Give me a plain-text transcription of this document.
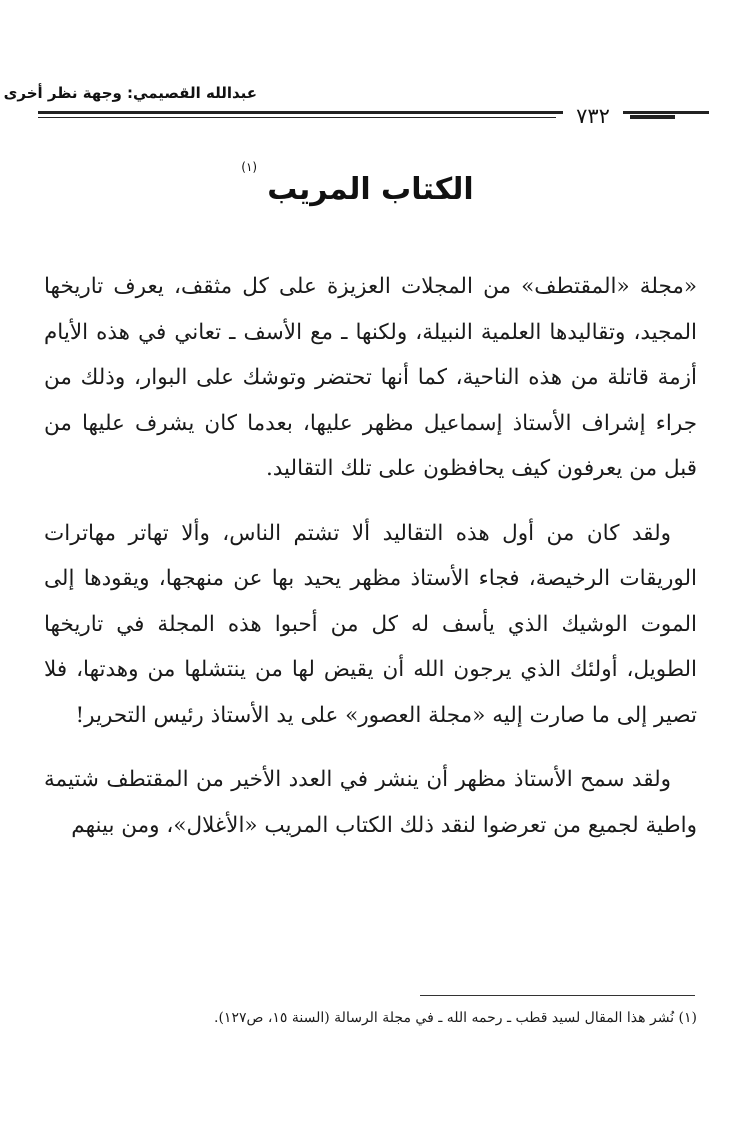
عبدالله القصيمي: وجهة نظر أخرى
٧٣٢
الكتاب المريب
(١)

«مجلة «المقتطف» من المجلات العزيزة على كل مثقف، يعرف تاريخها المجيد، وتقاليدها العلمية النبيلة، ولكنها ـ مع الأسف ـ تعاني في هذه الأيام أزمة قاتلة من هذه الناحية، كما أنها تحتضر وتوشك على البوار، وذلك من جراء إشراف الأستاذ إسماعيل مظهر عليها، بعدما كان يشرف عليها من قبل من يعرفون كيف يحافظون على تلك التقاليد.

ولقد كان من أول هذه التقاليد ألا تشتم الناس، وألا تهاتر مهاترات الوريقات الرخيصة، فجاء الأستاذ مظهر يحيد بها عن منهجها، ويقودها إلى الموت الوشيك الذي يأسف له كل من أحبوا هذه المجلة في تاريخها الطويل، أولئك الذي يرجون الله أن يقيض لها من ينتشلها من وهدتها، فلا تصير إلى ما صارت إليه «مجلة العصور» على يد الأستاذ رئيس التحرير!

ولقد سمح الأستاذ مظهر أن ينشر في العدد الأخير من المقتطف شتيمة واطية لجميع من تعرضوا لنقد ذلك الكتاب المريب «الأغلال»، ومن بينهم

(١) نُشر هذا المقال لسيد قطب ـ رحمه الله ـ في مجلة الرسالة (السنة ١٥، ص١٢٧).
